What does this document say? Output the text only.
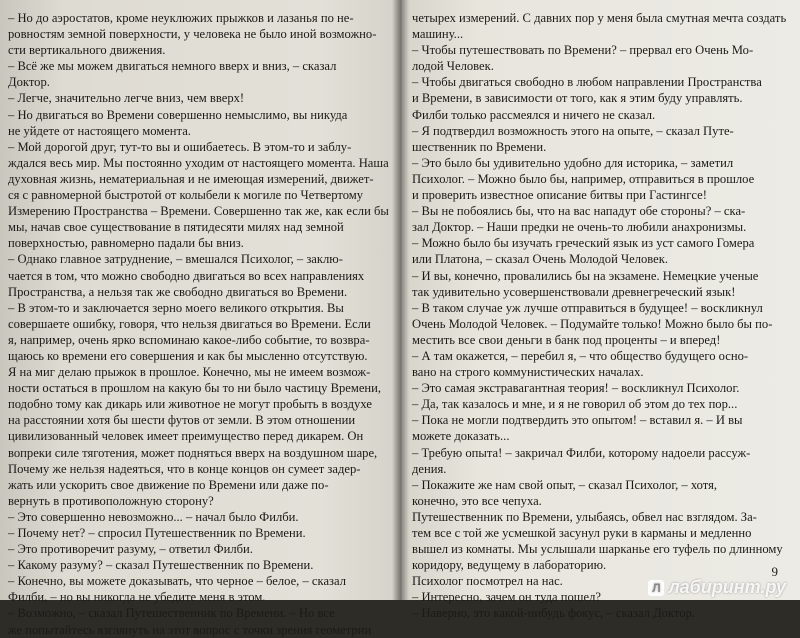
– Но до аэростатов, кроме неуклюжих прыжков и лазанья по не-
ровностям земной поверхности, у человека не было иной возможно-
сти вертикального движения.
– Всё же мы можем двигаться немного вверх и вниз, – сказал
Доктор.
– Легче, значительно легче вниз, чем вверх!
– Но двигаться во Времени совершенно немыслимо, вы никуда
не уйдете от настоящего момента.
– Мой дорогой друг, тут-то вы и ошибаетесь. В этом-то и заблу-
ждался весь мир. Мы постоянно уходим от настоящего момента. Наша
духовная жизнь, нематериальная и не имеющая измерений, движет-
ся с равномерной быстротой от колыбели к могиле по Четвертому
Измерению Пространства – Времени. Совершенно так же, как если бы
мы, начав свое существование в пятидесяти милях над земной
поверхностью, равномерно падали бы вниз.
– Однако главное затруднение, – вмешался Психолог, – заклю-
чается в том, что можно свободно двигаться во всех направлениях
Пространства, а нельзя так же свободно двигаться во Времени.
– В этом-то и заключается зерно моего великого открытия. Вы
совершаете ошибку, говоря, что нельзя двигаться во Времени. Если
я, например, очень ярко вспоминаю какое-либо событие, то возвра-
щаюсь ко времени его совершения и как бы мысленно отсутствую.
Я на миг делаю прыжок в прошлое. Конечно, мы не имеем возмож-
ности остаться в прошлом на какую бы то ни было частицу Времени,
подобно тому как дикарь или животное не могут пробыть в воздухе
на расстоянии хотя бы шести футов от земли. В этом отношении
цивилизованный человек имеет преимущество перед дикарем. Он
вопреки силе тяготения, может подняться вверх на воздушном шаре,
Почему же нельзя надеяться, что в конце концов он сумеет задер-
жать или ускорить свое движение по Времени или даже по-
вернуть в противоположную сторону?
– Это совершенно невозможно... – начал было Филби.
– Почему нет? – спросил Путешественник по Времени.
– Это противоречит разуму, – ответил Филби.
– Какому разуму? – сказал Путешественник по Времени.
– Конечно, вы можете доказывать, что черное – белое, – сказал
Филби, – но вы никогда не убедите меня в этом.
– Возможно, – сказал Путешественник по Времени. – Но все
же попытайтесь взглянуть на этот вопрос с точки зрения геометрии
четырех измерений. С давних пор у меня была смутная мечта создать
машину...
– Чтобы путешествовать по Времени? – прервал его Очень Мо-
лодой Человек.
– Чтобы двигаться свободно в любом направлении Пространства
и Времени, в зависимости от того, как я этим буду управлять.
Филби только рассмеялся и ничего не сказал.
– Я подтвердил возможность этого на опыте, – сказал Путе-
шественник по Времени.
– Это было бы удивительно удобно для историка, – заметил
Психолог. – Можно было бы, например, отправиться в прошлое
и проверить известное описание битвы при Гастингсе!
– Вы не побоялись бы, что на вас нападут обе стороны? – ска-
зал Доктор. – Наши предки не очень-то любили анахронизмы.
– Можно было бы изучать греческий язык из уст самого Гомера
или Платона, – сказал Очень Молодой Человек.
– И вы, конечно, провалились бы на экзамене. Немецкие ученые
так удивительно усовершенствовали древнегреческий язык!
– В таком случае уж лучше отправиться в будущее! – воскликнул
Очень Молодой Человек. – Подумайте только! Можно было бы по-
местить все свои деньги в банк под проценты – и вперед!
– А там окажется, – перебил я, – что общество будущего осно-
вано на строго коммунистических началах.
– Это самая экстравагантная теория! – воскликнул Психолог.
– Да, так казалось и мне, и я не говорил об этом до тех пор...
– Пока не могли подтвердить это опытом! – вставил я. – И вы
можете доказать...
– Требую опыта! – закричал Филби, которому надоели рассуж-
дения.
– Покажите же нам свой опыт, – сказал Психолог, – хотя,
конечно, это все чепуха.
Путешественник по Времени, улыбаясь, обвел нас взглядом. За-
тем все с той же усмешкой засунул руки в карманы и медленно
вышел из комнаты. Мы услышали шарканье его туфель по длинному
коридору, ведущему в лабораторию.
Психолог посмотрел на нас.
– Интересно, зачем он туда пошел?
– Наверно, это какой-нибудь фокус, – сказал Доктор.
9
Л лабиринт.ру
